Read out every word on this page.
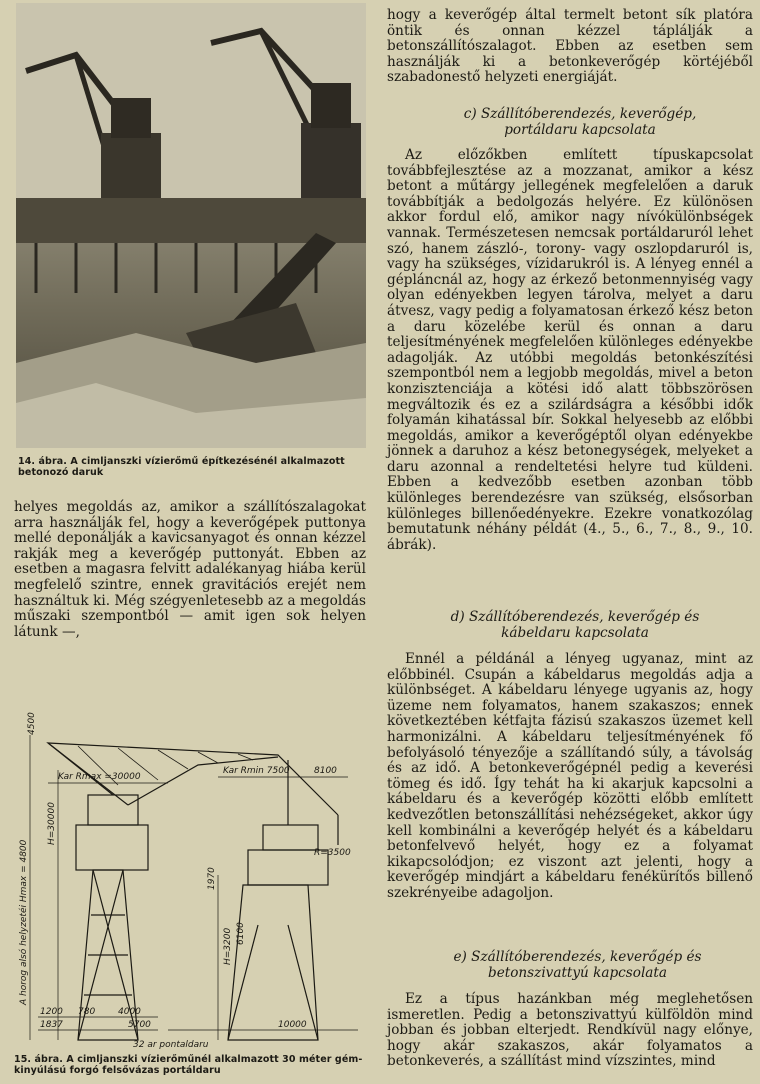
14. ábra. A cimljanszki vízierőmű építkezésénél alkalmazott betonozó daruk

helyes megoldás az, amikor a szállítószalagokat arra használják fel, hogy a keverőgépek puttonya mellé deponálják a kavicsanyagot és onnan kézzel rakják meg a keverőgép puttonyát. Ebben az esetben a magasra felvitt adalékanyag hiába kerül megfelelő szintre, ennek gravitációs erejét nem használtuk ki. Még szégyenletesebb az a megoldás műszaki szempontból — amit igen sok helyen látunk —,

Kar Rmax =30000
Kar Rmin 7500	8100
4500
A horog alsó helyzetéi Hmax = 4800
H=30000
R=3500
H=3200 6100
1970
1200 780	4000
10000
1837	5700
32 ar pontaldaru
15. ábra. A cimljanszki vízierőműnél alkalmazott 30 méter gém-kinyúlású forgó felsővázas portáldaru

hogy a keverőgép által termelt betont sík platóra öntik és onnan kézzel táplálják a betonszállítószalagot. Ebben az esetben sem használják ki a betonkeverőgép körtéjéből szabadonestő helyzeti energiáját.

c) Szállítóberendezés, keverőgép, portáldaru kapcsolata

Az előzőkben említett típuskapcsolat továbbfejlesztése az a mozzanat, amikor a kész betont a műtárgy jellegének megfelelően a daruk továbbítják a bedolgozás helyére. Ez különösen akkor fordul elő, amikor nagy nívókülönbségek vannak. Természetesen nemcsak portáldaruról lehet szó, hanem zászló-, torony- vagy oszlopdaruról is, vagy ha szükséges, vízidarukról is. A lényeg ennél a gépláncnál az, hogy az érkező betonmennyiség vagy olyan edényekben legyen tárolva, melyet a daru átvesz, vagy pedig a folyamatosan érkező kész beton a daru közelébe kerül és onnan a daru teljesítményének megfelelően különleges edényekbe adagolják. Az utóbbi megoldás betonkészítési szempontból nem a legjobb megoldás, mivel a beton konzisztenciája a kötési idő alatt többszörösen megváltozik és ez a szilárdságra a későbbi idők folyamán kihatással bír. Sokkal helyesebb az előbbi megoldás, amikor a keverőgéptől olyan edényekbe jönnek a daruhoz a kész betonegységek, melyeket a daru azonnal a rendeltetési helyre tud küldeni. Ebben a kedvezőbb esetben azonban több különleges berendezésre van szükség, elsősorban különleges billenőedényekre. Ezekre vonatkozólag bemutatunk néhány példát (4., 5., 6., 7., 8., 9., 10. ábrák).

d) Szállítóberendezés, keverőgép és kábeldaru kapcsolata

Ennél a példánál a lényeg ugyanaz, mint az előbbinél. Csupán a kábeldarus megoldás adja a különbséget. A kábeldaru lényege ugyanis az, hogy üzeme nem folyamatos, hanem szakaszos; ennek következtében kétfajta fázisú szakaszos üzemet kell harmonizálni. A kábeldaru teljesítményének fő befolyásoló tényezője a szállítandó súly, a távolság és az idő. A betonkeverőgépnél pedig a keverési tömeg és idő. Így tehát ha ki akarjuk kapcsolni a kábeldaru és a keverőgép közötti előbb említett kedvezőtlen betonszállítási nehézségeket, akkor úgy kell kombinálni a keverőgép helyét és a kábeldaru betonfelvevő helyét, hogy ez a folyamat kikapcsolódjon; ez viszont azt jelenti, hogy a keverőgép mindjárt a kábeldaru fenékürítős billenő szekrényeibe adagoljon.

e) Szállítóberendezés, keverőgép és betonszivattyú kapcsolata

Ez a típus hazánkban még meglehetősen ismeretlen. Pedig a betonszivattyú külföldön mind jobban és jobban elterjedt. Rendkívül nagy előnye, hogy akár szakaszos, akár folyamatos a betonkeverés, a szállítást mind vízszintes, mind
